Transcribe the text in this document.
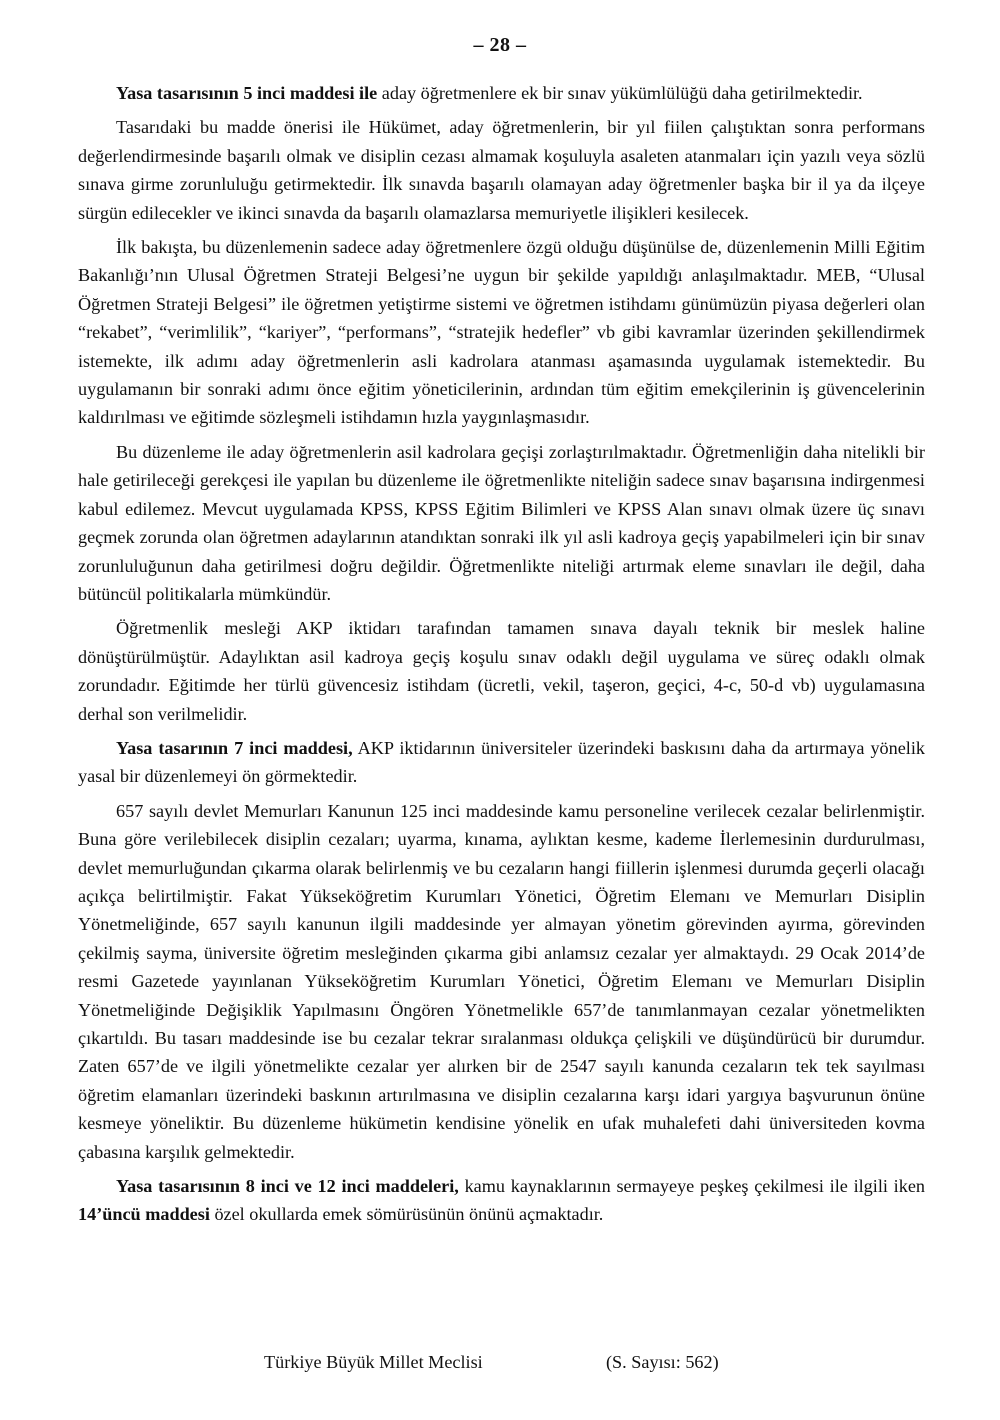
– 28 –

Yasa tasarısının 5 inci maddesi ile aday öğretmenlere ek bir sınav yükümlülüğü daha getirilmektedir.

Tasarıdaki bu madde önerisi ile Hükümet, aday öğretmenlerin, bir yıl fiilen çalıştıktan sonra performans değerlendirmesinde başarılı olmak ve disiplin cezası almamak koşuluyla asaleten atanmaları için yazılı veya sözlü sınava girme zorunluluğu getirmektedir. İlk sınavda başarılı olamayan aday öğretmenler başka bir il ya da ilçeye sürgün edilecekler ve ikinci sınavda da başarılı olamazlarsa memuriyetle ilişikleri kesilecek.

İlk bakışta, bu düzenlemenin sadece aday öğretmenlere özgü olduğu düşünülse de, düzenlemenin Milli Eğitim Bakanlığı’nın Ulusal Öğretmen Strateji Belgesi’ne uygun bir şekilde yapıldığı anlaşılmaktadır. MEB, “Ulusal Öğretmen Strateji Belgesi” ile öğretmen yetiştirme sistemi ve öğretmen istihdamı günümüzün piyasa değerleri olan “rekabet”, “verimlilik”, “kariyer”, “performans”, “stratejik hedefler” vb gibi kavramlar üzerinden şekillendirmek istemekte, ilk adımı aday öğretmenlerin asli kadrolara atanması aşamasında uygulamak istemektedir. Bu uygulamanın bir sonraki adımı önce eğitim yöneticilerinin, ardından tüm eğitim emekçilerinin iş güvencelerinin kaldırılması ve eğitimde sözleşmeli istihdamın hızla yaygınlaşmasıdır.

Bu düzenleme ile aday öğretmenlerin asil kadrolara geçişi zorlaştırılmaktadır. Öğretmenliğin daha nitelikli bir hale getirileceği gerekçesi ile yapılan bu düzenleme ile öğretmenlikte niteliğin sadece sınav başarısına indirgenmesi kabul edilemez. Mevcut uygulamada KPSS, KPSS Eğitim Bilimleri ve KPSS Alan sınavı olmak üzere üç sınavı geçmek zorunda olan öğretmen adaylarının atandıktan sonraki ilk yıl asli kadroya geçiş yapabilmeleri için bir sınav zorunluluğunun daha getirilmesi doğru değildir. Öğretmenlikte niteliği artırmak eleme sınavları ile değil, daha bütüncül politikalarla mümkündür.

Öğretmenlik mesleği AKP iktidarı tarafından tamamen sınava dayalı teknik bir meslek haline dönüştürülmüştür. Adaylıktan asil kadroya geçiş koşulu sınav odaklı değil uygulama ve süreç odaklı olmak zorundadır. Eğitimde her türlü güvencesiz istihdam (ücretli, vekil, taşeron, geçici, 4-c, 50-d vb) uygulamasına derhal son verilmelidir.

Yasa tasarının 7 inci maddesi, AKP iktidarının üniversiteler üzerindeki baskısını daha da artırmaya yönelik yasal bir düzenlemeyi ön görmektedir.

657 sayılı devlet Memurları Kanunun 125 inci maddesinde kamu personeline verilecek cezalar belirlenmiştir. Buna göre verilebilecek disiplin cezaları; uyarma, kınama, aylıktan kesme, kademe İlerlemesinin durdurulması, devlet memurluğundan çıkarma olarak belirlenmiş ve bu cezaların hangi fiillerin işlenmesi durumda geçerli olacağı açıkça belirtilmiştir. Fakat Yükseköğretim Kurumları Yönetici, Öğretim Elemanı ve Memurları Disiplin Yönetmeliğinde, 657 sayılı kanunun ilgili maddesinde yer almayan yönetim görevinden ayırma, görevinden çekilmiş sayma, üniversite öğretim mesleğinden çıkarma gibi anlamsız cezalar yer almaktaydı. 29 Ocak 2014’de resmi Gazetede yayınlanan Yükseköğretim Kurumları Yönetici, Öğretim Elemanı ve Memurları Disiplin Yönetmeliğinde Değişiklik Yapılmasını Öngören Yönetmelikle 657’de tanımlanmayan cezalar yönetmelikten çıkartıldı. Bu tasarı maddesinde ise bu cezalar tekrar sıralanması oldukça çelişkili ve düşündürücü bir durumdur. Zaten 657’de ve ilgili yönetmelikte cezalar yer alırken bir de 2547 sayılı kanunda cezaların tek tek sayılması öğretim elamanları üzerindeki baskının artırılmasına ve disiplin cezalarına karşı idari yargıya başvurunun önüne kesmeye yöneliktir. Bu düzenleme hükümetin kendisine yönelik en ufak muhalefeti dahi üniversiteden kovma çabasına karşılık gelmektedir.

Yasa tasarısının 8 inci ve 12 inci maddeleri, kamu kaynaklarının sermayeye peşkeş çekilmesi ile ilgili iken 14’üncü maddesi özel okullarda emek sömürüsünün önünü açmaktadır.

Türkiye Büyük Millet Meclisi	(S. Sayısı: 562)
